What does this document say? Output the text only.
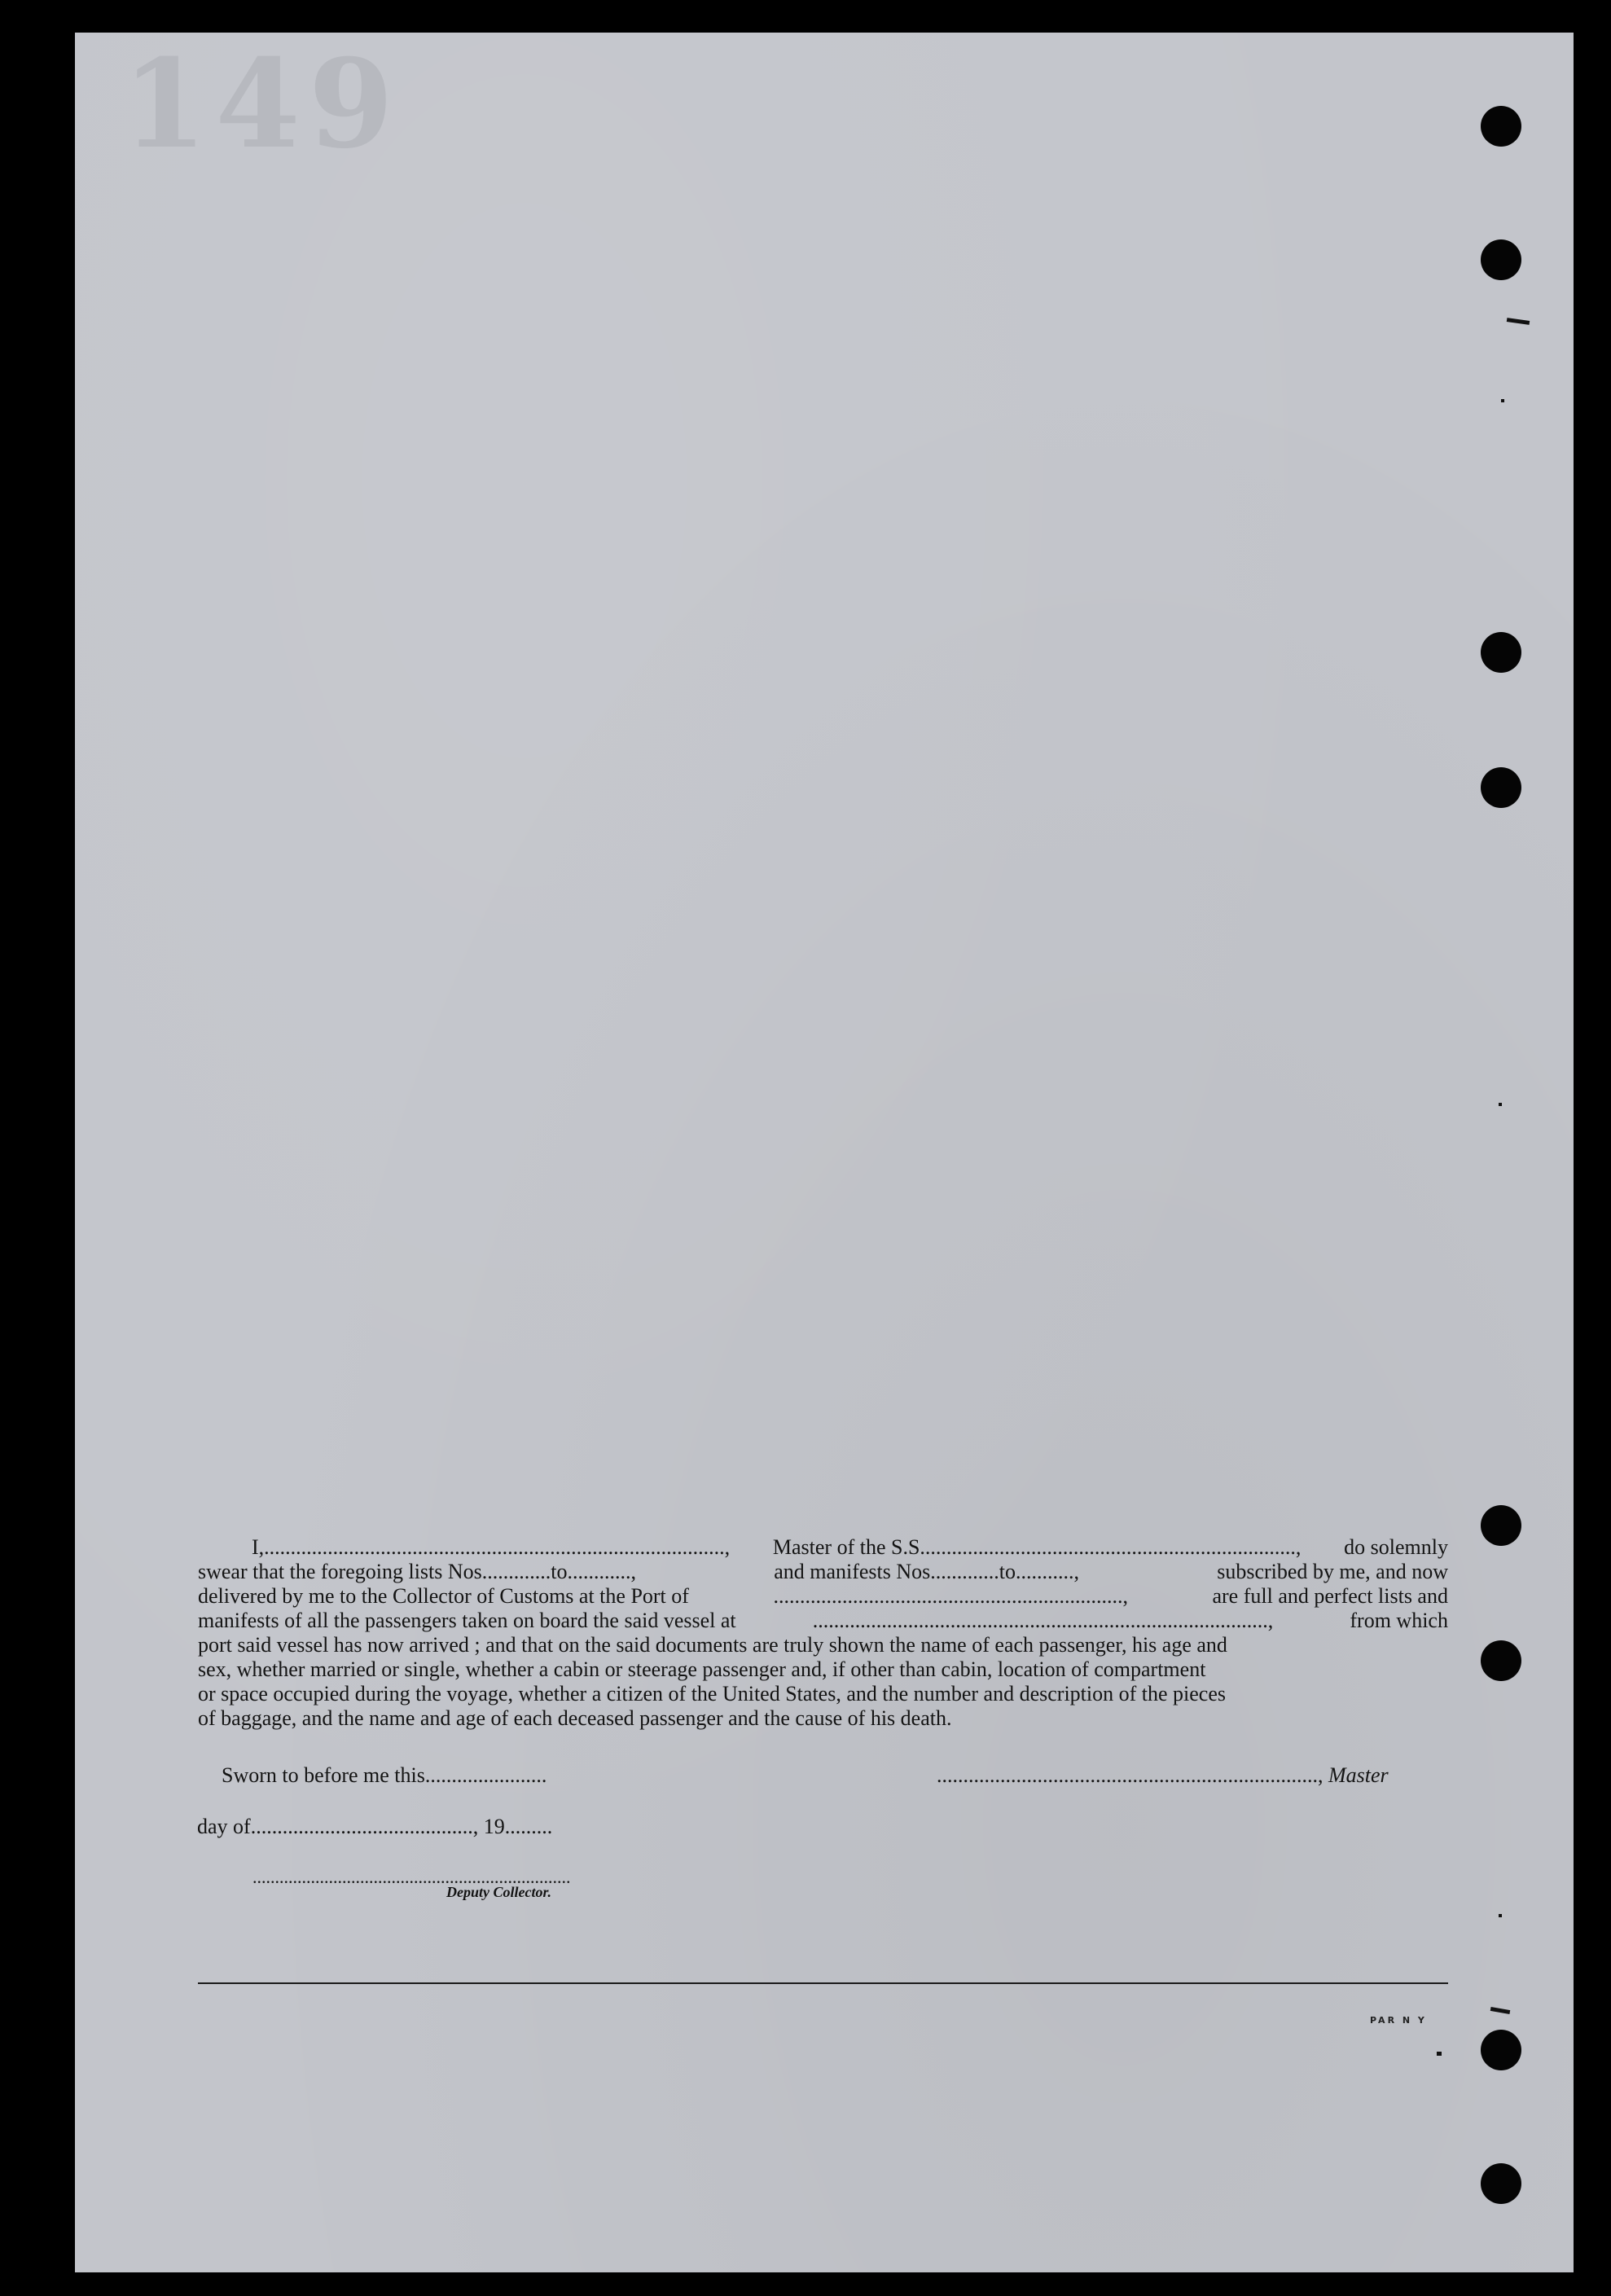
149
I,......................................................................................., Master of the S.S......................................................................., do solemnly
swear that the foregoing lists Nos.............to............,	and manifests Nos.............to...........,	subscribed by me, and now
delivered by me to the Collector of Customs at the Port of	..................................................................,	are full and perfect lists and
manifests of all the passengers taken on board the said vessel at	......................................................................................,	from which
port said vessel has now arrived ; and that on the said documents are truly shown the name of each passenger, his age and
sex, whether married or single, whether a cabin or steerage passenger and, if other than cabin, location of compartment
or space occupied during the voyage, whether a citizen of the United States, and the number and description of the pieces
of baggage, and the name and age of each deceased passenger and the cause of his death.
Sworn to before me this.......................	........................................................................, Master
day of.........................................., 19.........
.......................................................................
Deputy Collector.
PAR N Y
